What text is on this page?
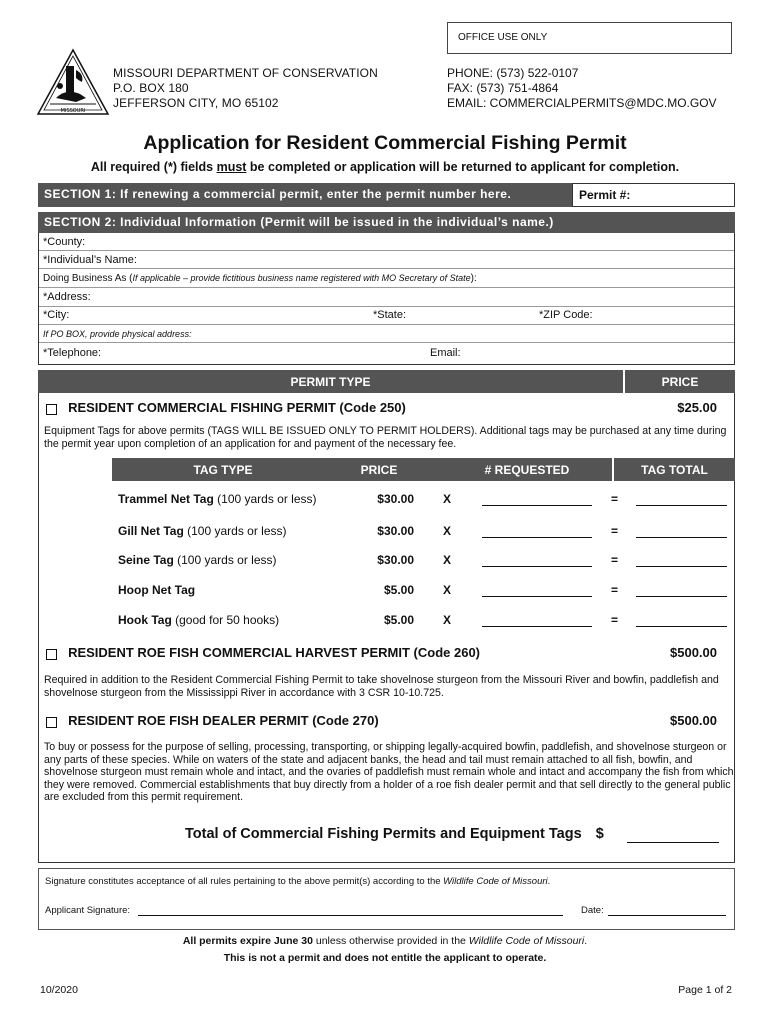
OFFICE USE ONLY
MISSOURI
MISSOURI DEPARTMENT OF CONSERVATION
P.O. BOX 180
JEFFERSON CITY, MO 65102
PHONE: (573) 522-0107
FAX: (573) 751-4864
EMAIL: COMMERCIALPERMITS@MDC.MO.GOV
Application for Resident Commercial Fishing Permit
All required (*) fields must be completed or application will be returned to applicant for completion.
SECTION 1: If renewing a commercial permit, enter the permit number here.	Permit #:
SECTION 2: Individual Information (Permit will be issued in the individual’s name.)
*County:
*Individual’s Name:
Doing Business As (If applicable – provide fictitious business name registered with MO Secretary of State):
*Address:
*City:	*State:	*ZIP Code:
If PO BOX, provide physical address:
*Telephone:	Email:
PERMIT TYPE	PRICE
RESIDENT COMMERCIAL FISHING PERMIT (Code 250)	$25.00
Equipment Tags for above permits (TAGS WILL BE ISSUED ONLY TO PERMIT HOLDERS). Additional tags may be purchased at any time during the permit year upon completion of an application for and payment of the necessary fee.
TAG TYPE	PRICE	# REQUESTED	TAG TOTAL
Trammel Net Tag (100 yards or less)	$30.00 X	=
Gill Net Tag (100 yards or less)	$30.00 X	=
Seine Tag (100 yards or less)	$30.00 X	=
Hoop Net Tag	$5.00 X	=
Hook Tag (good for 50 hooks)	$5.00 X	=
RESIDENT ROE FISH COMMERCIAL HARVEST PERMIT (Code 260)	$500.00
Required in addition to the Resident Commercial Fishing Permit to take shovelnose sturgeon from the Missouri River and bowfin, paddlefish and shovelnose sturgeon from the Mississippi River in accordance with 3 CSR 10-10.725.
RESIDENT ROE FISH DEALER PERMIT (Code 270)	$500.00
To buy or possess for the purpose of selling, processing, transporting, or shipping legally-acquired bowfin, paddlefish, and shovelnose sturgeon or any parts of these species. While on waters of the state and adjacent banks, the head and tail must remain attached to all fish, bowfin, and shovelnose sturgeon must remain whole and intact, and the ovaries of paddlefish must remain whole and intact and accompany the fish from which they were removed. Commercial establishments that buy directly from a holder of a roe fish dealer permit and that sell directly to the general public are excluded from this permit requirement.
Total of Commercial Fishing Permits and Equipment Tags $
Signature constitutes acceptance of all rules pertaining to the above permit(s) according to the Wildlife Code of Missouri.
Applicant Signature:	Date:
All permits expire June 30 unless otherwise provided in the Wildlife Code of Missouri.
This is not a permit and does not entitle the applicant to operate.
10/2020	Page 1 of 2
